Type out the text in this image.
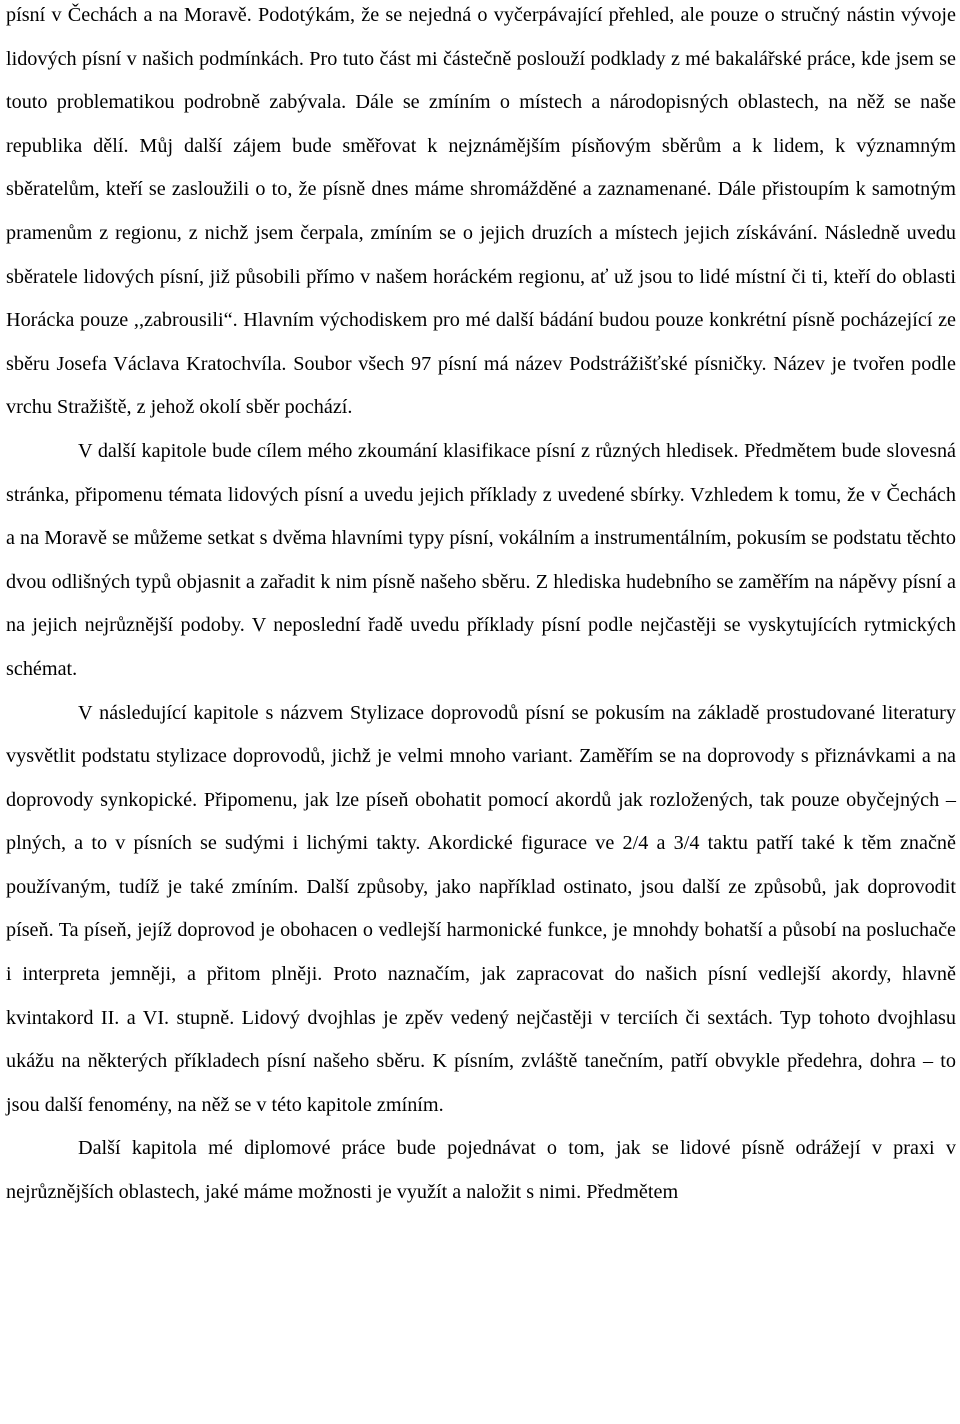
písní v Čechách a na Moravě. Podotýkám, že se nejedná o vyčerpávající přehled, ale pouze o stručný nástin vývoje lidových písní v našich podmínkách. Pro tuto část mi částečně poslouží podklady z mé bakalářské práce, kde jsem se touto problematikou podrobně zabývala. Dále se zmíním o místech a národopisných oblastech, na něž se naše republika dělí. Můj další zájem bude směřovat k nejznámějším písňovým sběrům a k lidem, k významným sběratelům, kteří se zasloužili o to, že písně dnes máme shromážděné a zaznamenané. Dále přistoupím k samotným pramenům z regionu, z nichž jsem čerpala, zmíním se o jejich druzích a místech jejich získávání. Následně uvedu sběratele lidových písní, již působili přímo v našem horáckém regionu, ať už jsou to lidé místní či ti, kteří do oblasti Horácka pouze ,,zabrousili“. Hlavním východiskem pro mé další bádání budou pouze konkrétní písně pocházející ze sběru Josefa Václava Kratochvíla. Soubor všech 97 písní má název Podstrážišťské písničky. Název je tvořen podle vrchu Stražiště, z jehož okolí sběr pochází.

V další kapitole bude cílem mého zkoumání klasifikace písní z různých hledisek. Předmětem bude slovesná stránka, připomenu témata lidových písní a uvedu jejich příklady z uvedené sbírky. Vzhledem k tomu, že v Čechách a na Moravě se můžeme setkat s dvěma hlavními typy písní, vokálním a instrumentálním, pokusím se podstatu těchto dvou odlišných typů objasnit a zařadit k nim písně našeho sběru. Z hlediska hudebního se zaměřím na nápěvy písní a na jejich nejrůznější podoby. V neposlední řadě uvedu příklady písní podle nejčastěji se vyskytujících rytmických schémat.

V následující kapitole s názvem Stylizace doprovodů písní se pokusím na základě prostudované literatury vysvětlit podstatu stylizace doprovodů, jichž je velmi mnoho variant. Zaměřím se na doprovody s přiznávkami a na doprovody synkopické. Připomenu, jak lze píseň obohatit pomocí akordů jak rozložených, tak pouze obyčejných – plných, a to v písních se sudými i lichými takty. Akordické figurace ve 2/4 a 3/4 taktu patří také k těm značně používaným, tudíž je také zmíním. Další způsoby, jako například ostinato, jsou další ze způsobů, jak doprovodit píseň. Ta píseň, jejíž doprovod je obohacen o vedlejší harmonické funkce, je mnohdy bohatší a působí na posluchače i interpreta jemněji, a přitom plněji. Proto naznačím, jak zapracovat do našich písní vedlejší akordy, hlavně kvintakord II. a VI. stupně. Lidový dvojhlas je zpěv vedený nejčastěji v terciích či sextách. Typ tohoto dvojhlasu ukážu na některých příkladech písní našeho sběru. K písním, zvláště tanečním, patří obvykle předehra, dohra – to jsou další fenomény, na něž se v této kapitole zmíním.

Další kapitola mé diplomové práce bude pojednávat o tom, jak se lidové písně odrážejí v praxi v nejrůznějších oblastech, jaké máme možnosti je využít a naložit s nimi. Předmětem
